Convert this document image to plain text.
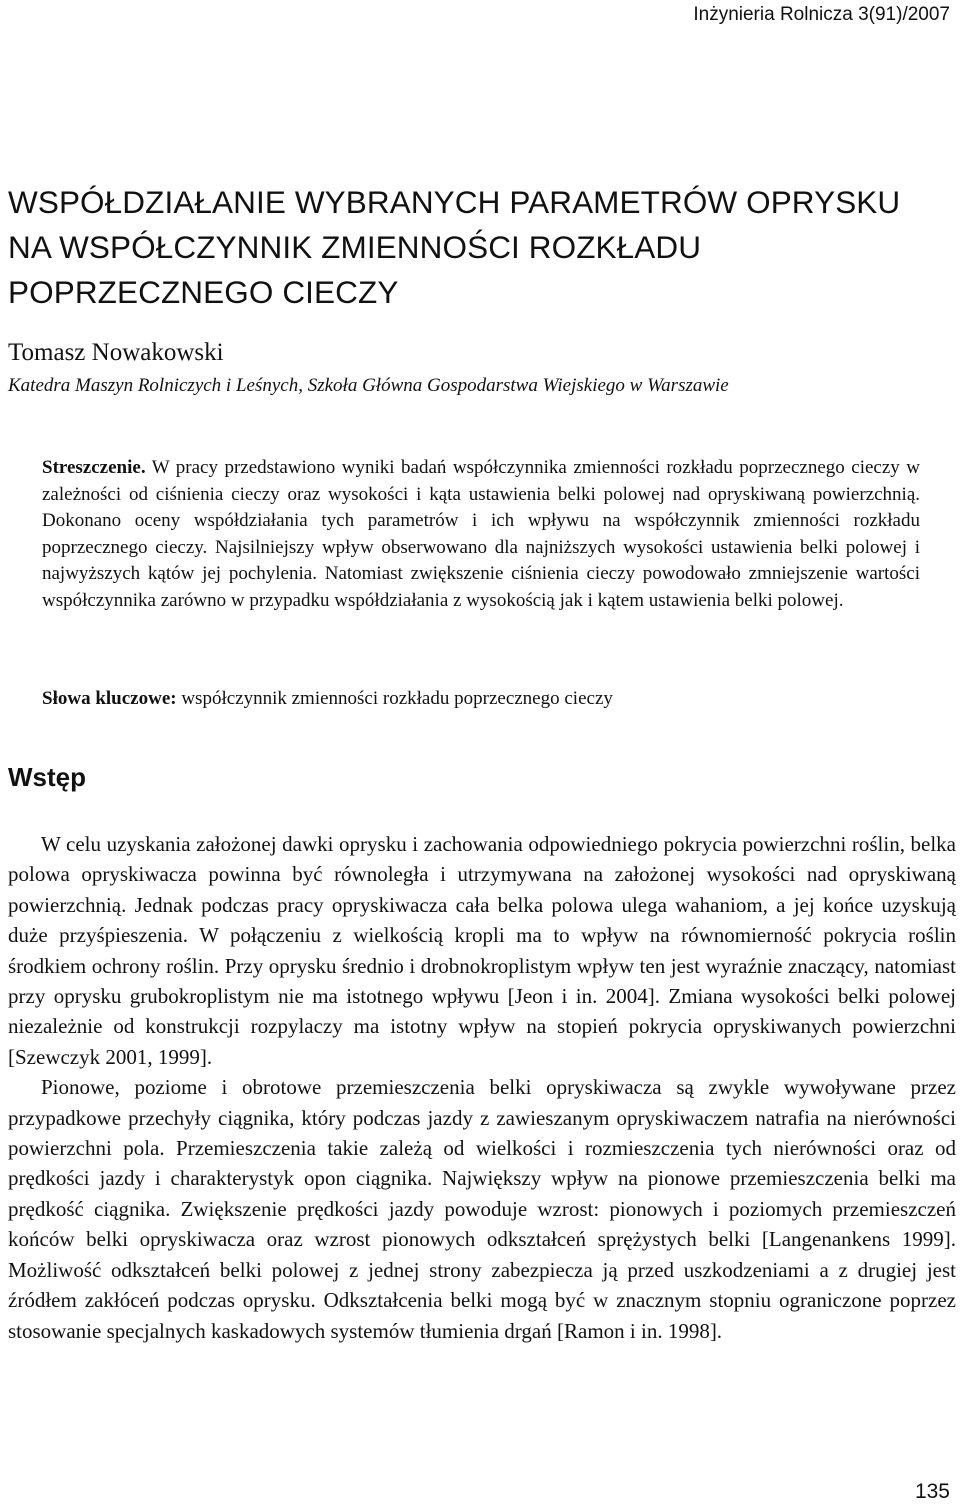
Inżynieria Rolnicza 3(91)/2007
WSPÓŁDZIAŁANIE WYBRANYCH PARAMETRÓW OPRYSKU NA WSPÓŁCZYNNIK ZMIENNOŚCI ROZKŁADU POPRZECZNEGO CIECZY
Tomasz Nowakowski
Katedra Maszyn Rolniczych i Leśnych, Szkoła Główna Gospodarstwa Wiejskiego w Warszawie

Streszczenie. W pracy przedstawiono wyniki badań współczynnika zmienności rozkładu poprzecznego cieczy w zależności od ciśnienia cieczy oraz wysokości i kąta ustawienia belki polowej nad opryskiwaną powierzchnią. Dokonano oceny współdziałania tych parametrów i ich wpływu na współczynnik zmienności rozkładu poprzecznego cieczy. Najsilniejszy wpływ obserwowano dla najniższych wysokości ustawienia belki polowej i najwyższych kątów jej pochylenia. Natomiast zwiększenie ciśnienia cieczy powodowało zmniejszenie wartości współczynnika zarówno w przypadku współdziałania z wysokością jak i kątem ustawienia belki polowej.

Słowa kluczowe: współczynnik zmienności rozkładu poprzecznego cieczy

Wstęp

W celu uzyskania założonej dawki oprysku i zachowania odpowiedniego pokrycia powierzchni roślin, belka polowa opryskiwacza powinna być równoległa i utrzymywana na założonej wysokości nad opryskiwaną powierzchnią. Jednak podczas pracy opryskiwacza cała belka polowa ulega wahaniom, a jej końce uzyskują duże przyśpieszenia. W połączeniu z wielkością kropli ma to wpływ na równomierność pokrycia roślin środkiem ochrony roślin. Przy oprysku średnio i drobnokroplistym wpływ ten jest wyraźnie znaczący, natomiast przy oprysku grubokroplistym nie ma istotnego wpływu [Jeon i in. 2004]. Zmiana wysokości belki polowej niezależnie od konstrukcji rozpylaczy ma istotny wpływ na stopień pokrycia opryskiwanych powierzchni [Szewczyk 2001, 1999].

Pionowe, poziome i obrotowe przemieszczenia belki opryskiwacza są zwykle wywoływane przez przypadkowe przechyły ciągnika, który podczas jazdy z zawieszanym opryskiwaczem natrafia na nierówności powierzchni pola. Przemieszczenia takie zależą od wielkości i rozmieszczenia tych nierówności oraz od prędkości jazdy i charakterystyk opon ciągnika. Największy wpływ na pionowe przemieszczenia belki ma prędkość ciągnika. Zwiększenie prędkości jazdy powoduje wzrost: pionowych i poziomych przemieszczeń końców belki opryskiwacza oraz wzrost pionowych odkształceń sprężystych belki [Langenankens 1999]. Możliwość odkształceń belki polowej z jednej strony zabezpiecza ją przed uszkodzeniami a z drugiej jest źródłem zakłóceń podczas oprysku. Odkształcenia belki mogą być w znacznym stopniu ograniczone poprzez stosowanie specjalnych kaskadowych systemów tłumienia drgań [Ramon i in. 1998].

135
